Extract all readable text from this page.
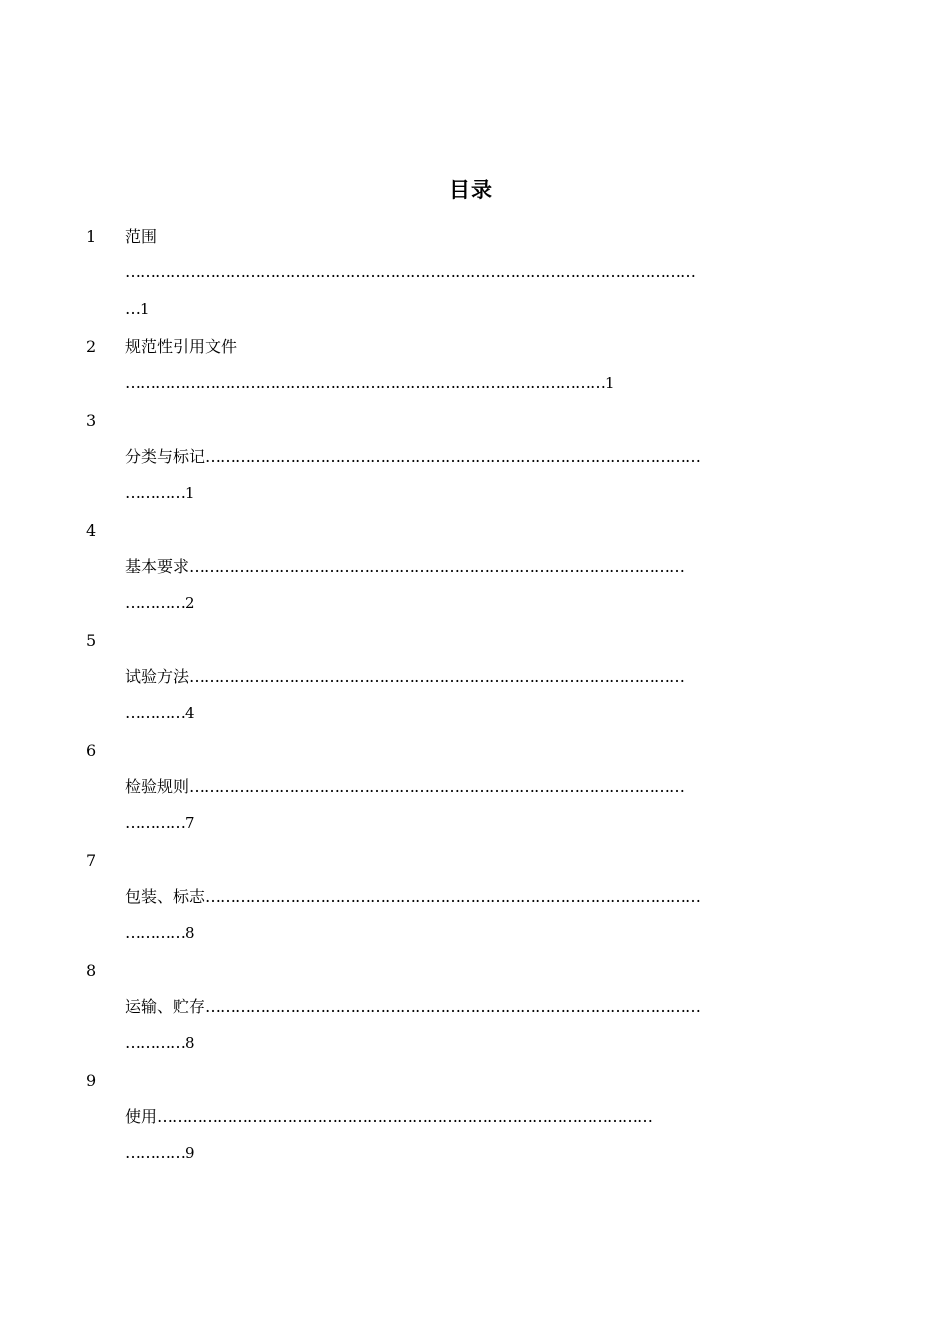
目录
1 范围
……………………………………………………………………………………………………
…1
2 规范性引用文件
……………………………………………………………………………………1
3
分类与标记………………………………………………………………………………………
…………1
4
基本要求………………………………………………………………………………………
…………2
5
试验方法………………………………………………………………………………………
…………4
6
检验规则………………………………………………………………………………………
…………7
7
包装、标志………………………………………………………………………………………
…………8
8
运输、贮存………………………………………………………………………………………
…………8
9
使用………………………………………………………………………………………
…………9
